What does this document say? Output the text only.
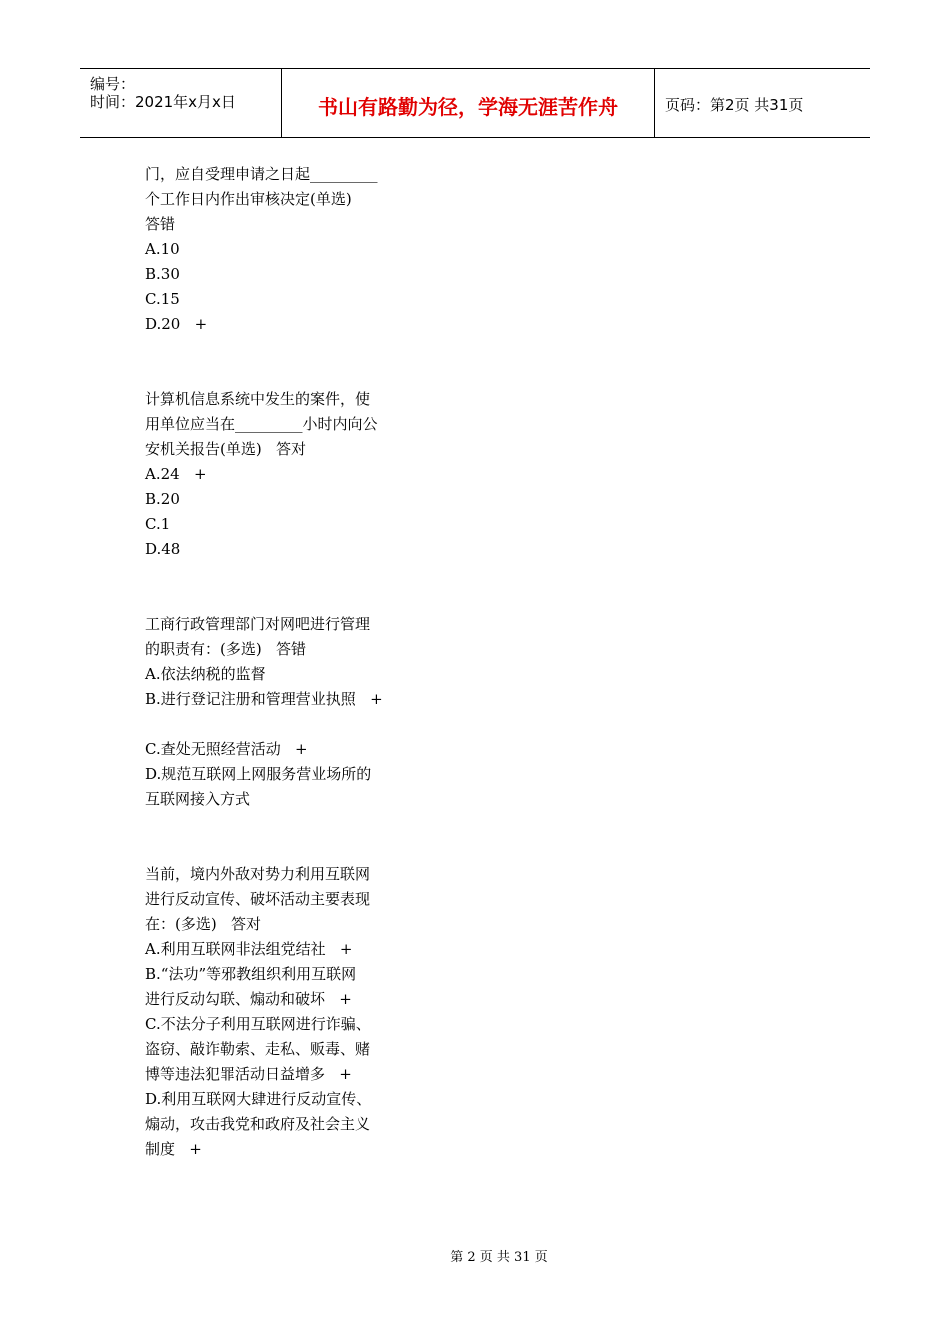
编号：
时间：2021年x月x日	书山有路勤为径，学海无涯苦作舟	页码：第2页 共31页
门，应自受理申请之日起_________
个工作日内作出审核决定(单选)
答错
A.10
B.30
C.15
D.20   +
计算机信息系统中发生的案件，使
用单位应当在_________小时内向公
安机关报告(单选)   答对
A.24   +
B.20
C.1
D.48
工商行政管理部门对网吧进行管理
的职责有：(多选)   答错
A.依法纳税的监督
B.进行登记注册和管理营业执照   +
C.查处无照经营活动   +
D.规范互联网上网服务营业场所的
互联网接入方式
当前，境内外敌对势力利用互联网
进行反动宣传、破坏活动主要表现
在：(多选)   答对
A.利用互联网非法组党结社   +
B.“法功”等邪教组织利用互联网
进行反动勾联、煽动和破坏   +
C.不法分子利用互联网进行诈骗、
盗窃、敲诈勒索、走私、贩毒、赌
博等违法犯罪活动日益增多   +
D.利用互联网大肆进行反动宣传、
煽动，攻击我党和政府及社会主义
制度   +
第 2 页 共 31 页
